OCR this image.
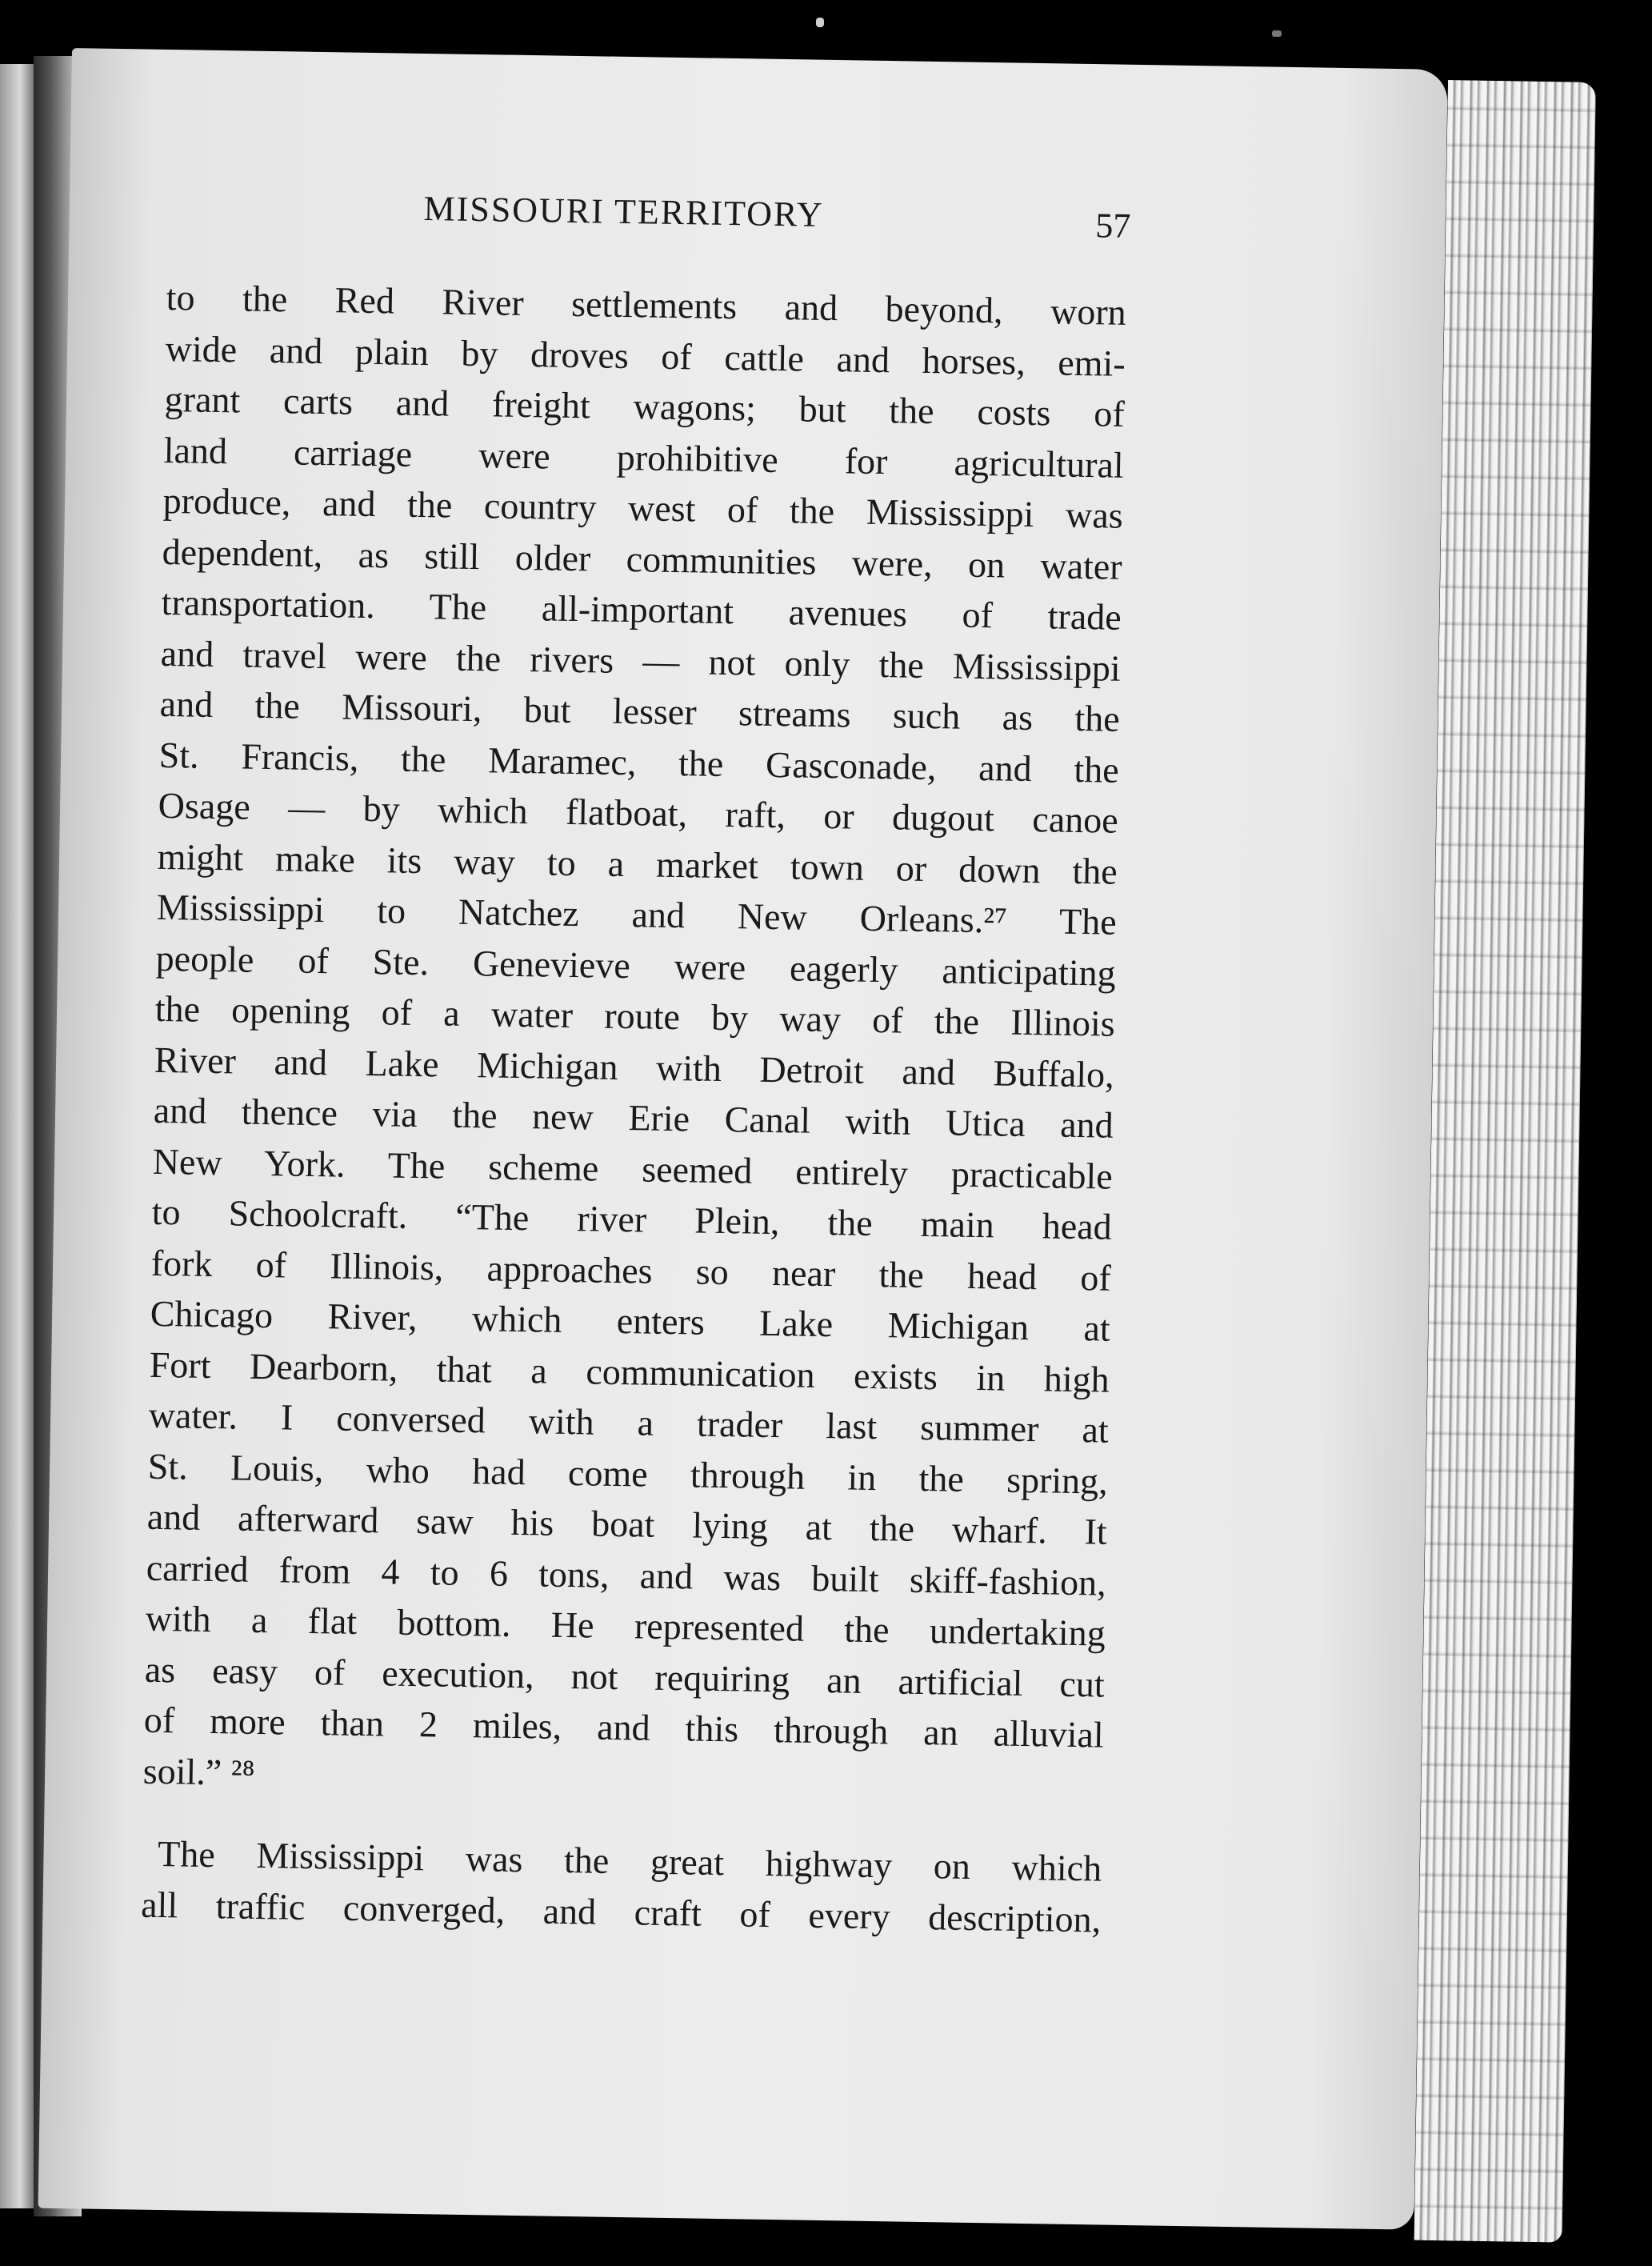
MISSOURI TERRITORY	57
to the Red River settlements and beyond, worn
wide and plain by droves of cattle and horses, emi-
grant carts and freight wagons; but the costs of
land carriage were prohibitive for agricultural
produce, and the country west of the Mississippi was
dependent, as still older communities were, on water
transportation. The all-important avenues of trade
and travel were the rivers — not only the Mississippi
and the Missouri, but lesser streams such as the
St. Francis, the Maramec, the Gasconade, and the
Osage — by which flatboat, raft, or dugout canoe
might make its way to a market town or down the
Mississippi to Natchez and New Orleans.²⁷ The
people of Ste. Genevieve were eagerly anticipating
the opening of a water route by way of the Illinois
River and Lake Michigan with Detroit and Buffalo,
and thence via the new Erie Canal with Utica and
New York. The scheme seemed entirely practicable
to Schoolcraft. “The river Plein, the main head
fork of Illinois, approaches so near the head of
Chicago River, which enters Lake Michigan at
Fort Dearborn, that a communication exists in high
water. I conversed with a trader last summer at
St. Louis, who had come through in the spring,
and afterward saw his boat lying at the wharf. It
carried from 4 to 6 tons, and was built skiff-fashion,
with a flat bottom. He represented the undertaking
as easy of execution, not requiring an artificial cut
of more than 2 miles, and this through an alluvial
soil.” ²⁸
The Mississippi was the great highway on which
all traffic converged, and craft of every description,
